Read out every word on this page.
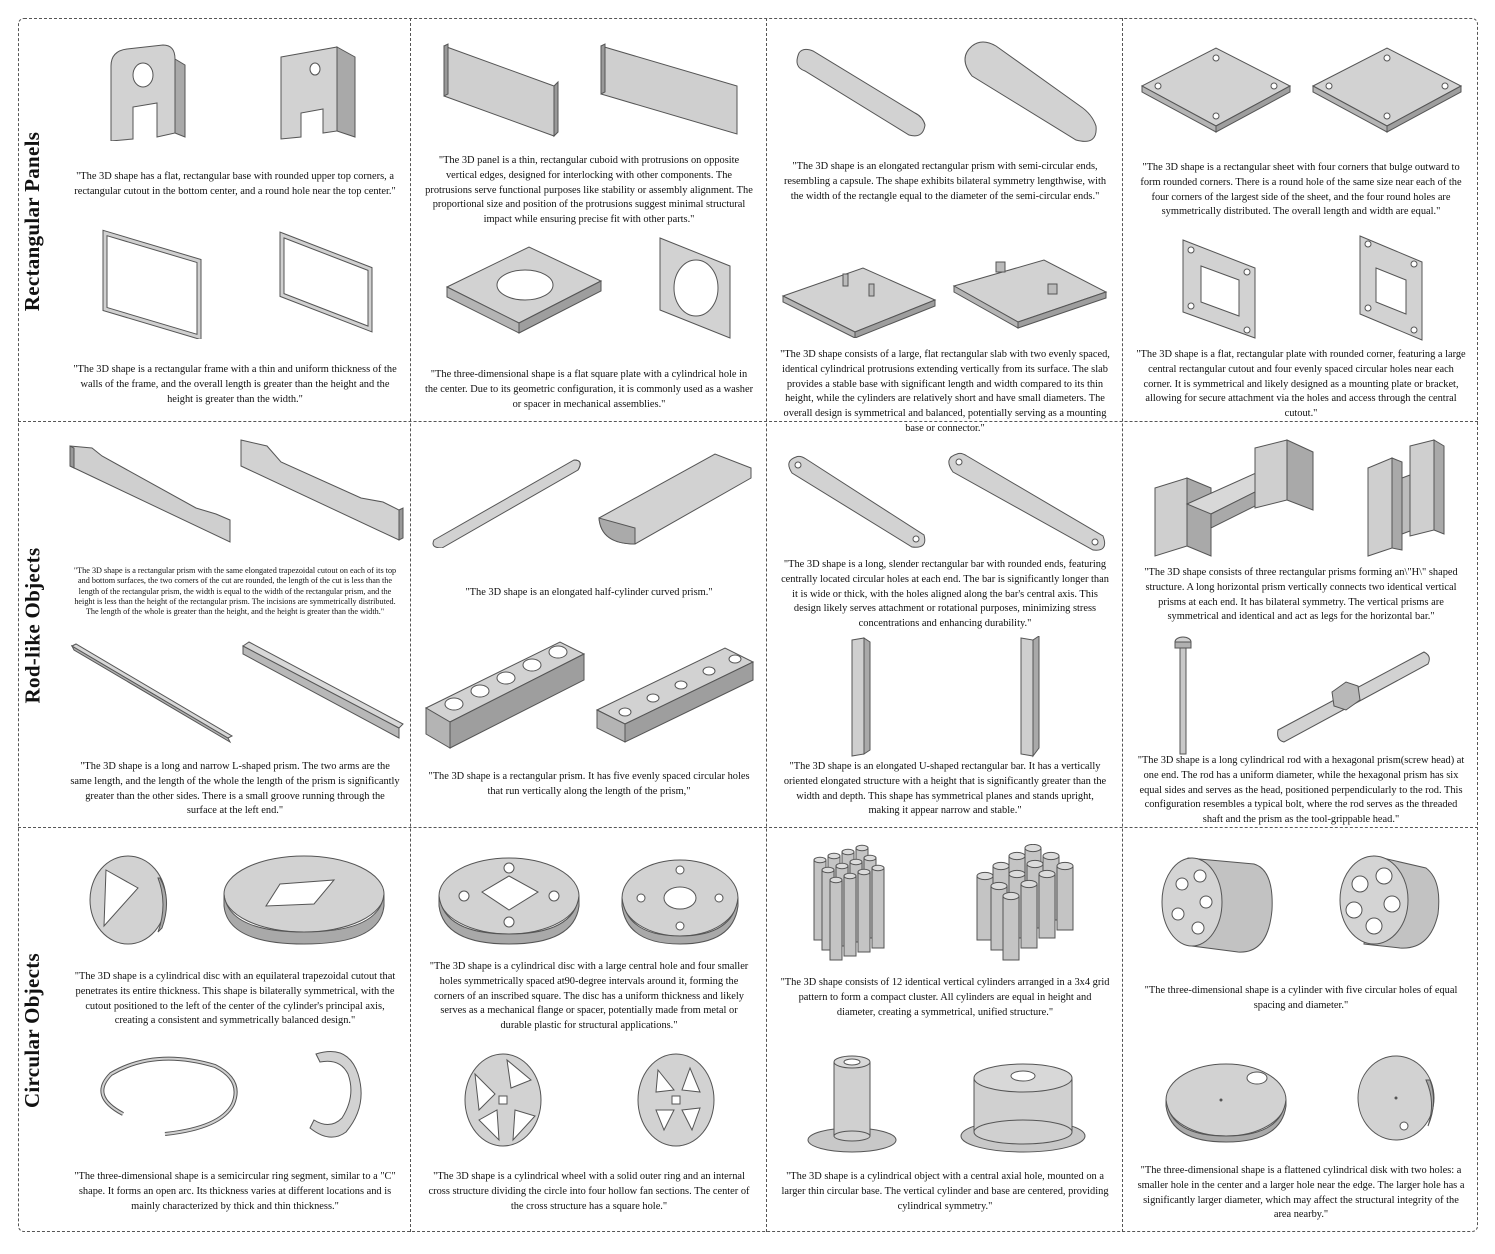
Rectangular Panels
Rod-like Objects
Circular Objects
"The 3D shape has a flat, rectangular base with rounded upper top corners, a rectangular cutout in the bottom center, and a round hole near the top center."
"The 3D shape is a rectangular frame with a thin and uniform thickness of the walls of the frame, and the overall length is greater than the height and the height is greater than the width."
"The 3D panel is a thin, rectangular cuboid with protrusions on opposite vertical edges, designed for interlocking with other components. The protrusions serve functional purposes like stability or assembly alignment. The proportional size and position of the protrusions suggest minimal structural impact while ensuring precise fit with other parts."
"The three-dimensional shape is a flat square plate with a cylindrical hole in the center. Due to its geometric configuration, it is commonly used as a washer or spacer in mechanical assemblies."
"The 3D shape is an elongated rectangular prism with semi-circular ends, resembling a capsule. The shape exhibits bilateral symmetry lengthwise, with the width of the rectangle equal to the diameter of the semi-circular ends."
"The 3D shape consists of a large, flat rectangular slab with two evenly spaced, identical cylindrical protrusions extending vertically from its surface. The slab provides a stable base with significant length and width compared to its thin height, while the cylinders are relatively short and have small diameters. The overall design is symmetrical and balanced, potentially serving as a mounting base or connector."
"The 3D shape is a rectangular sheet with four corners that bulge outward to form rounded corners. There is a round hole of the same size near each of the four corners of the largest side of the sheet, and the four round holes are symmetrically distributed. The overall length and width are equal."
"The 3D shape is a flat, rectangular plate with rounded corner, featuring a large central rectangular cutout and four evenly spaced circular holes near each corner. It is symmetrical and likely designed as a mounting plate or bracket, allowing for secure attachment via the holes and access through the central cutout."
"The 3D shape is a rectangular prism with the same elongated trapezoidal cutout on each of its top and bottom surfaces, the two corners of the cut are rounded, the length of the cut is less than the length of the rectangular prism, the width is equal to the width of the rectangular prism, and the height is less than the height of the rectangular prism. The incisions are symmetrically distributed. The length of the whole is greater than the height, and the height is greater than the width."
"The 3D shape is a long and narrow L-shaped prism. The two arms are the same length, and the length of the whole the length of the prism is significantly greater than the other sides. There is a small groove running through the surface at the left end."
"The 3D shape is an elongated half-cylinder curved prism."
"The 3D shape is a rectangular prism. It has five evenly spaced circular holes that run vertically along the length of the prism,"
"The 3D shape is a long, slender rectangular bar with rounded ends, featuring centrally located circular holes at each end. The bar is significantly longer than it is wide or thick, with the holes aligned along the bar's central axis. This design likely serves attachment or rotational purposes, minimizing stress concentrations and enhancing durability."
"The 3D shape is an elongated U-shaped rectangular bar. It has a vertically oriented elongated structure with a height that is significantly greater than the width and depth. This shape has symmetrical planes and stands upright, making it appear narrow and stable."
"The 3D shape consists of three rectangular prisms forming an\"H\" shaped structure. A long horizontal prism vertically connects two identical vertical prisms at each end. It has bilateral symmetry. The vertical prisms are symmetrical and identical and act as legs for the horizontal bar."
"The 3D shape is a long cylindrical rod with a hexagonal prism(screw head) at one end. The rod has a uniform diameter, while the hexagonal prism has six equal sides and serves as the head, positioned perpendicularly to the rod. This configuration resembles a typical bolt, where the rod serves as the threaded shaft and the prism as the tool-grippable head."
"The 3D shape is a cylindrical disc with an equilateral trapezoidal cutout that penetrates its entire thickness. This shape is bilaterally symmetrical, with the cutout positioned to the left of the center of the cylinder's principal axis, creating a consistent and symmetrically balanced design."
"The three-dimensional shape is a semicircular ring segment, similar to a "C" shape. It forms an open arc. Its thickness varies at different locations and is mainly characterized by thick and thin thickness."
"The 3D shape is a cylindrical disc with a large central hole and four smaller holes symmetrically spaced at90-degree intervals around it, forming the corners of an inscribed square. The disc has a uniform thickness and likely serves as a mechanical flange or spacer, potentially made from metal or durable plastic for structural applications."
"The 3D shape is a cylindrical wheel with a solid outer ring and an internal cross structure dividing the circle into four hollow fan sections. The center of the cross structure has a square hole."
"The 3D shape consists of 12 identical vertical cylinders arranged in a 3x4 grid pattern to form a compact cluster. All cylinders are equal in height and diameter, creating a symmetrical, unified structure."
"The 3D shape is a cylindrical object with a central axial hole, mounted on a larger thin circular base. The vertical cylinder and base are centered, providing cylindrical symmetry."
"The three-dimensional shape is a cylinder with five circular holes of equal spacing and diameter."
"The three-dimensional shape is a flattened cylindrical disk with two holes: a smaller hole in the center and a larger hole near the edge. The larger hole has a significantly larger diameter, which may affect the structural integrity of the area nearby."
